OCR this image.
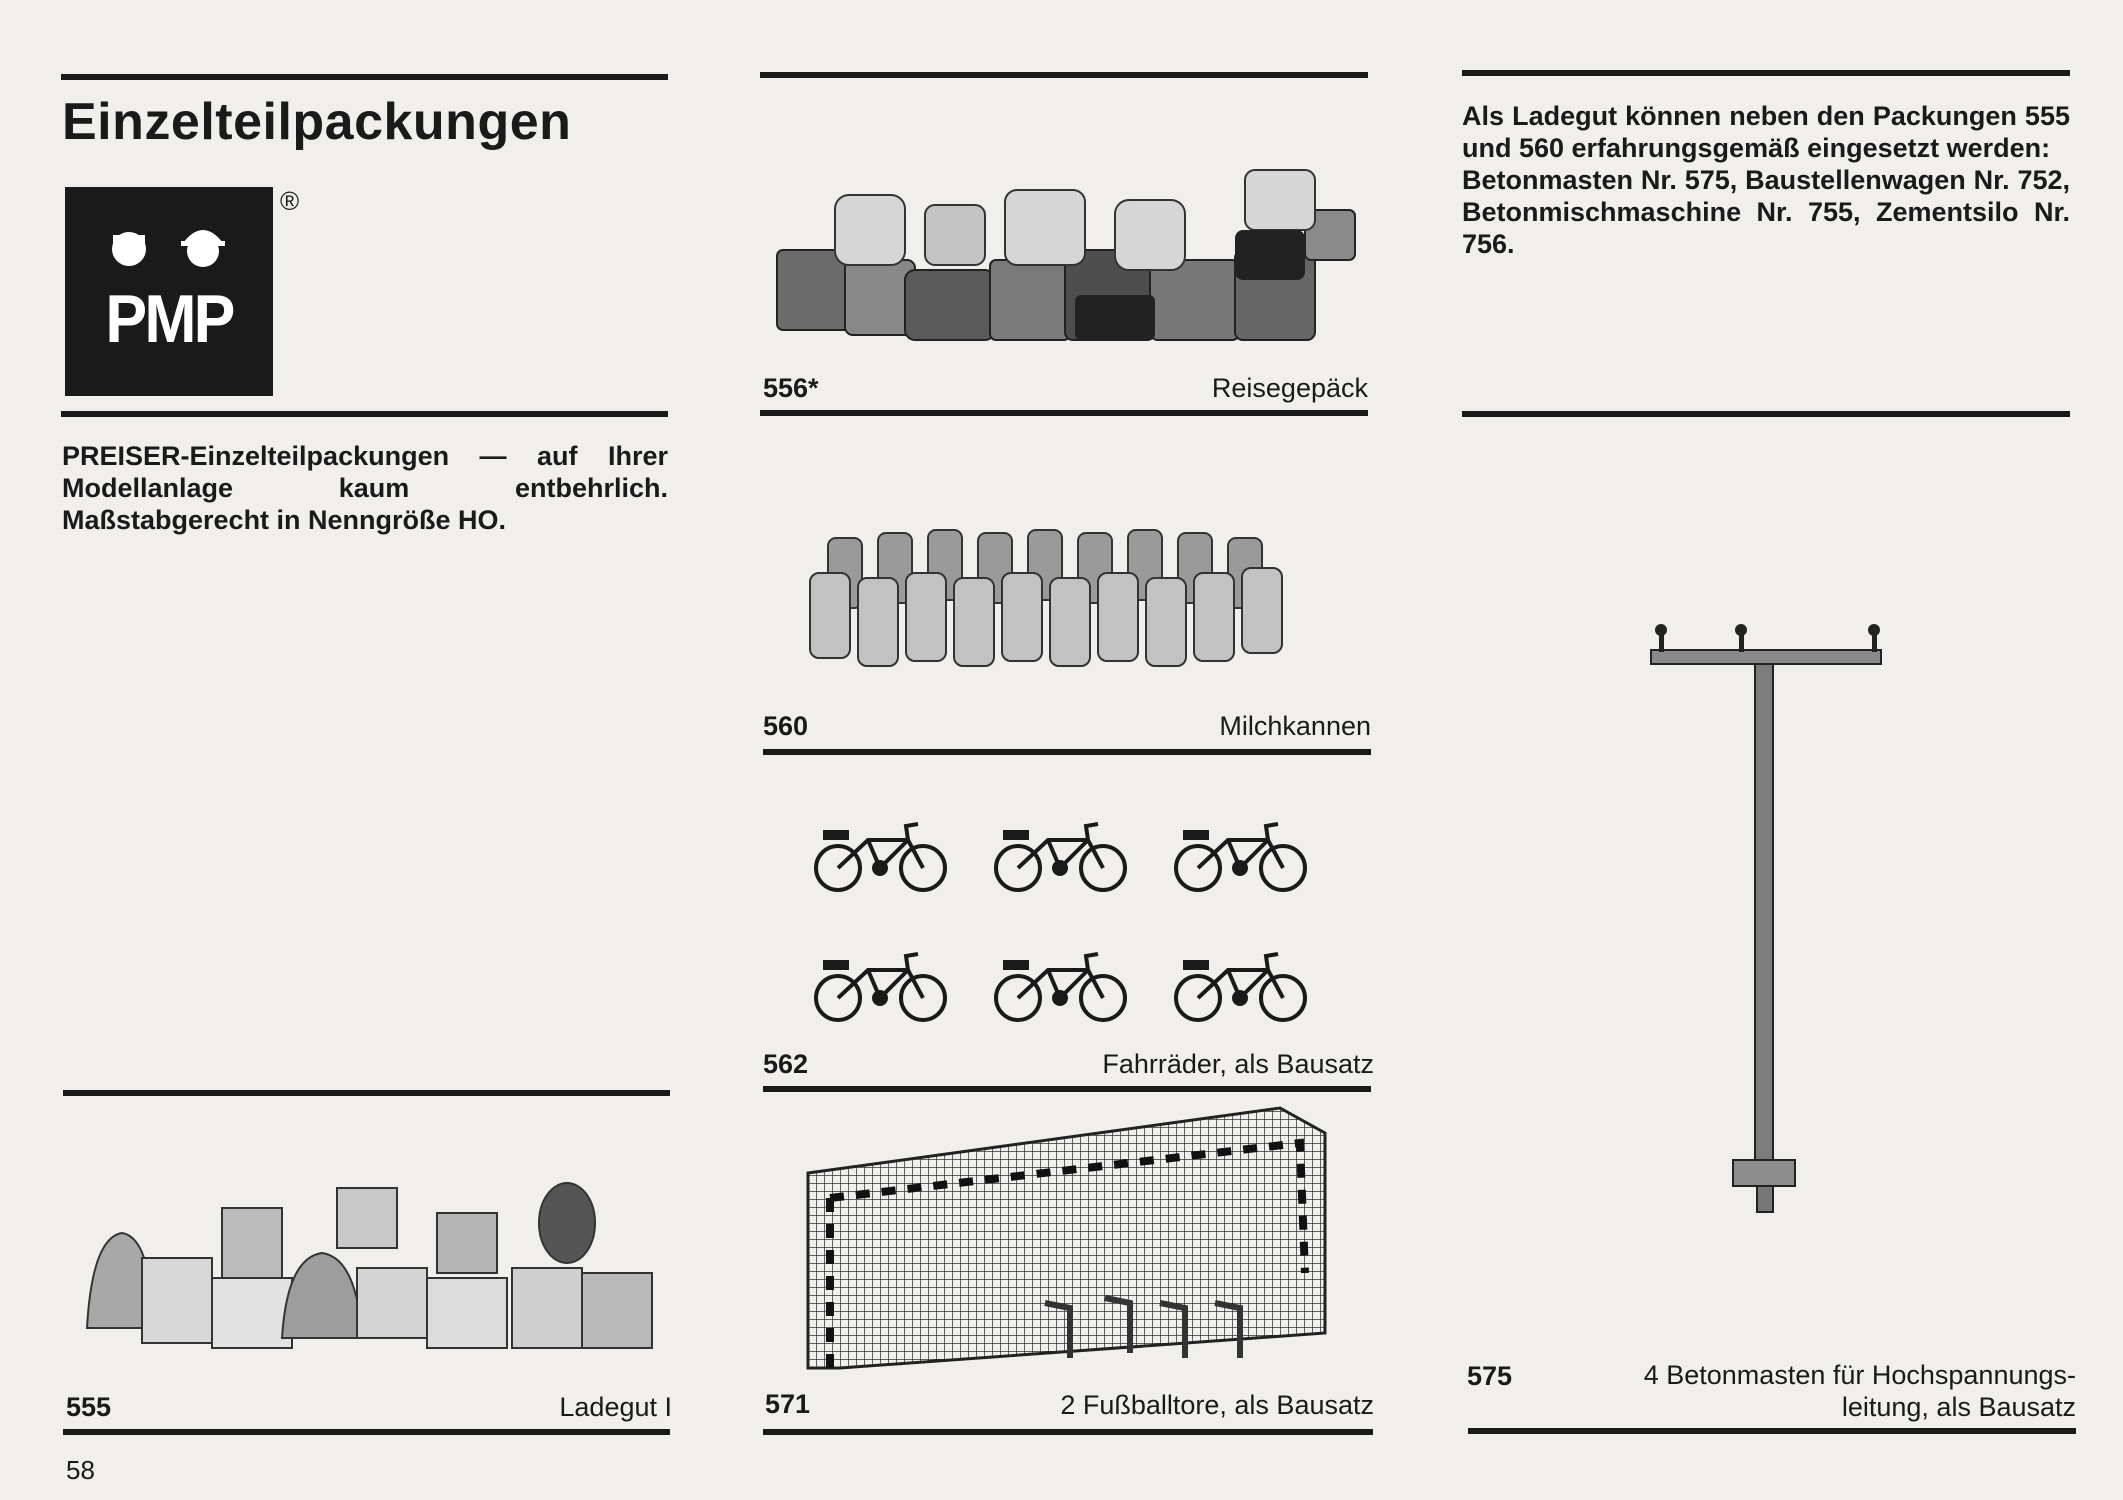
Einzelteilpackungen
PMP
®

PREISER-Einzelteilpackungen — auf Ihrer Modellanlage kaum entbehrlich. Maßstabgerecht in Nenngröße HO.

Als Ladegut können neben den Packungen 555 und 560 erfahrungsgemäß eingesetzt werden:

Betonmasten Nr. 575, Baustellenwagen Nr. 752, Betonmischmaschine Nr. 755, Zementsilo Nr. 756.

556*	Reisegepäck
560	Milchkannen
562	Fahrräder, als Bausatz
555	Ladegut I	571	2 Fußballtore, als Bausatz
575	4 Betonmasten für Hochspannungs-
leitung, als Bausatz
58
